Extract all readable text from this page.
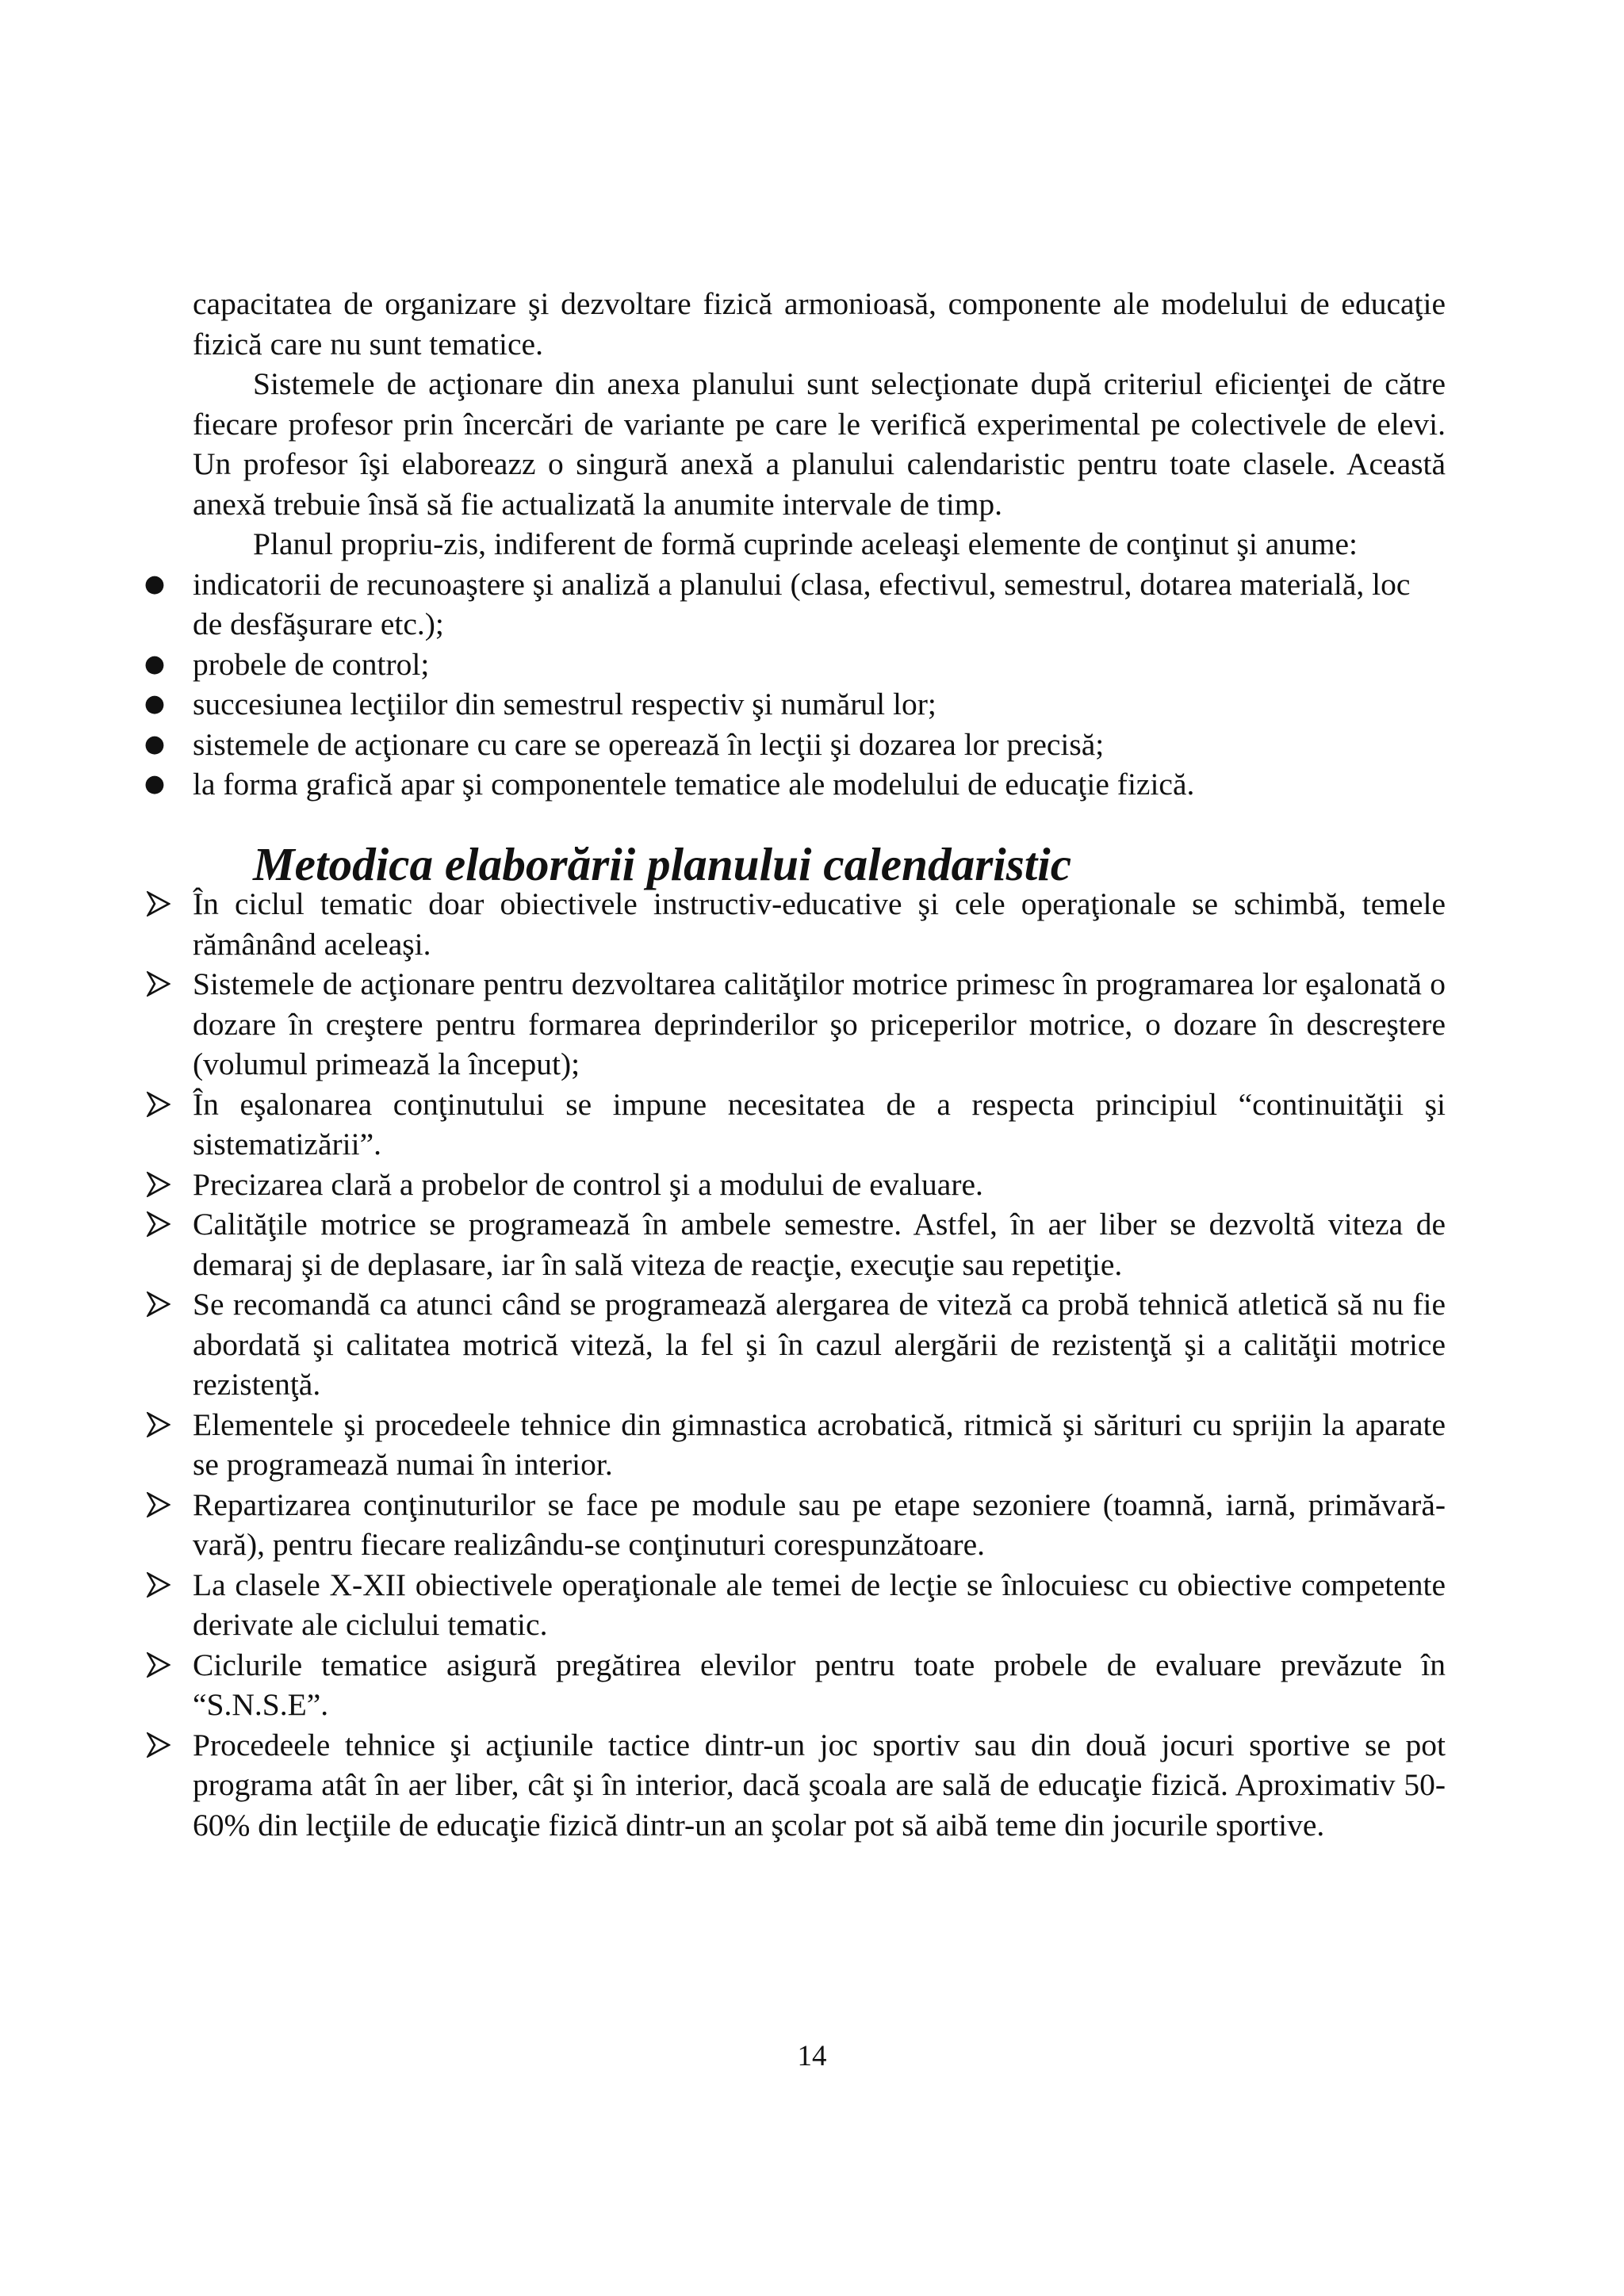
capacitatea de organizare şi dezvoltare fizică armonioasă, componente ale modelului de educaţie fizică care nu sunt tematice.

Sistemele de acţionare din anexa planului sunt selecţionate după criteriul eficienţei de către fiecare profesor prin încercări de variante pe care le verifică experimental pe colectivele de elevi. Un profesor îşi elaboreazz o singură anexă a planului calendaristic pentru toate clasele. Această anexă trebuie însă să fie actualizată la anumite intervale de timp.

Planul propriu-zis, indiferent de formă cuprinde aceleaşi elemente de conţinut şi anume:

● indicatorii de recunoaştere şi analiză a planului (clasa, efectivul, semestrul, dotarea materială, loc de desfăşurare etc.);
● probele de control;
● succesiunea lecţiilor din semestrul respectiv şi numărul lor;
● sistemele de acţionare cu care se operează în lecţii şi dozarea lor precisă;
● la forma grafică apar şi componentele tematice ale modelului de educaţie fizică.
Metodica elaborării planului calendaristic
În ciclul tematic doar obiectivele instructiv-educative şi cele operaţionale se schimbă, temele rămânând aceleaşi.
Sistemele de acţionare pentru dezvoltarea calităţilor motrice primesc în programarea lor eşalonată o dozare în creştere pentru formarea deprinderilor şo priceperilor motrice, o dozare în descreştere (volumul primează la început);
În eşalonarea conţinutului se impune necesitatea de a respecta principiul “continuităţii şi sistematizării”.
Precizarea clară a probelor de control şi a modului de evaluare.
Calităţile motrice se programează în ambele semestre. Astfel, în aer liber se dezvoltă viteza de demaraj şi de deplasare, iar în sală viteza de reacţie, execuţie sau repetiţie.
Se recomandă ca atunci când se programează alergarea de viteză ca probă tehnică atletică să nu fie abordată şi calitatea motrică viteză, la fel şi în cazul alergării de rezistenţă şi a calităţii motrice rezistenţă.
Elementele şi procedeele tehnice din gimnastica acrobatică, ritmică şi sărituri cu sprijin la aparate se programează numai în interior.
Repartizarea conţinuturilor se face pe module sau pe etape sezoniere (toamnă, iarnă, primăvară-vară), pentru fiecare realizându-se conţinuturi corespunzătoare.
La clasele X-XII obiectivele operaţionale ale temei de lecţie se înlocuiesc cu obiective competente derivate ale ciclului tematic.
Ciclurile tematice asigură pregătirea elevilor pentru toate probele de evaluare prevăzute în “S.N.S.E”.
Procedeele tehnice şi acţiunile tactice dintr-un joc sportiv sau din două jocuri sportive se pot programa atât în aer liber, cât şi în interior, dacă şcoala are sală de educaţie fizică. Aproximativ 50-60% din lecţiile de educaţie fizică dintr-un an şcolar pot să aibă teme din jocurile sportive.
14
